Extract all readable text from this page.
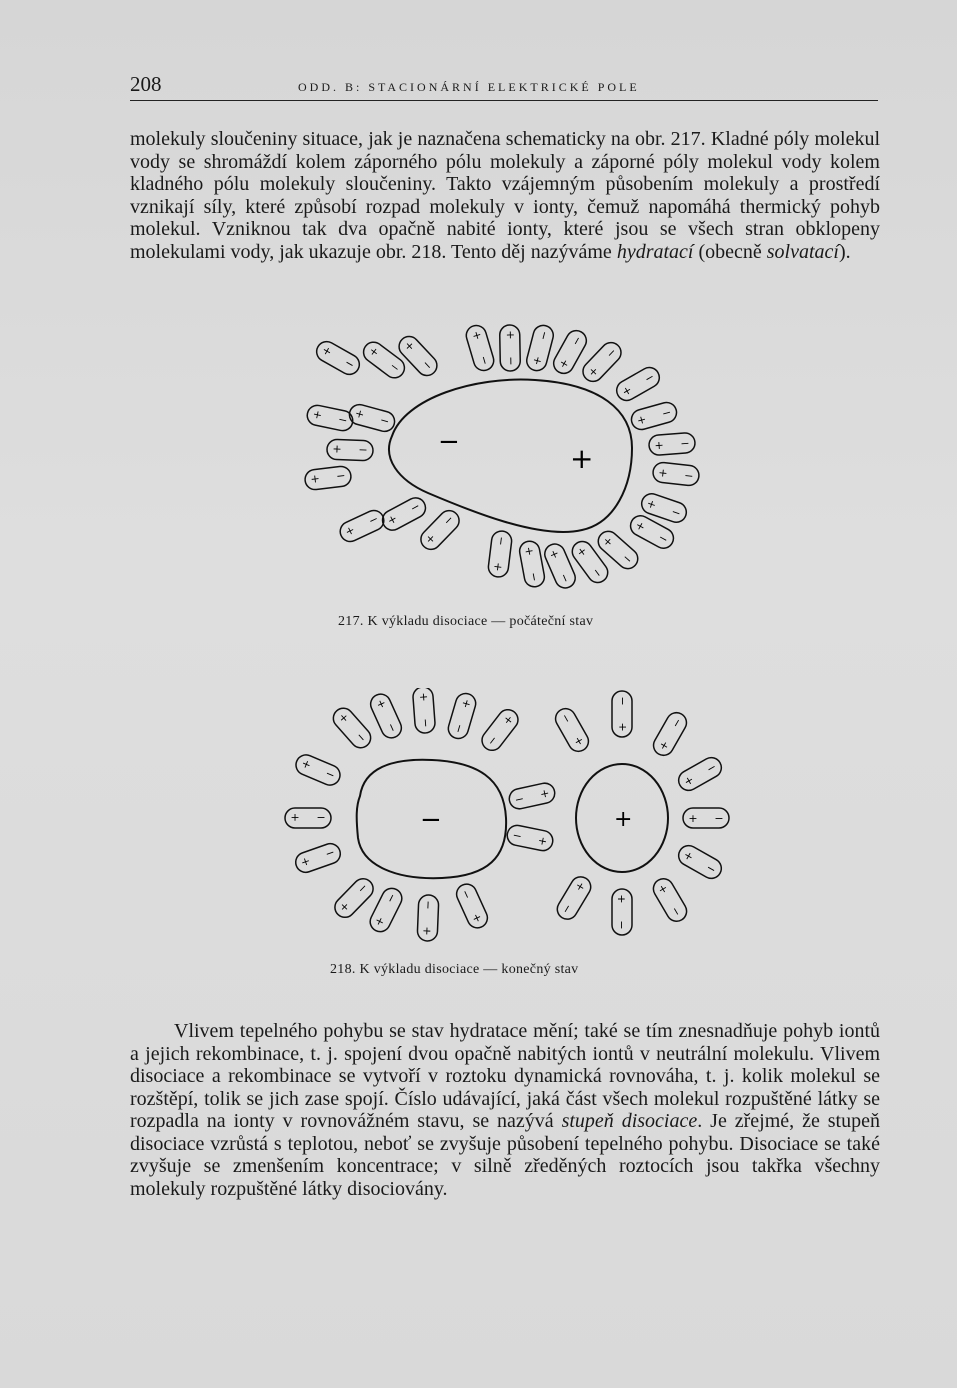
208	ODD. B: STACIONÁRNÍ ELEKTRICKÉ POLE

molekuly sloučeniny situace, jak je naznačena schematicky na obr. 217. Kladné póly molekul vody se shromáždí kolem záporného pólu molekuly a záporné póly molekul vody kolem kladného pólu molekuly sloučeniny. Takto vzájemným působením molekuly a prostředí vznikají síly, které způsobí rozpad molekuly v ionty, čemuž napomáhá thermický pohyb molekul. Vzniknou tak dva opačně nabité ionty, které jsou se všech stran obklopeny molekulami vody, jak ukazuje obr. 218. Tento děj nazýváme hydratací (obecně solvatací).

−	+
+
−
+
−
+
−
+
−
+
− +
−
+
−
+
−
+
−
+ −
+ −
+ −
+
−
+
−
+
−
+
−
+
−
+
−
+
−
+
−
+
−
+
−
+ −
+ −
+ −
+ −
217. K výkladu disociace — počáteční stav
−	+
+
−
+
−
+
−
+
−
+
−
+
−
+ −
+
−
+
−
+
−
+
−
+
−
+
−
+
−
+
−
+
−
+
−
+
−
+ −
+
−
+
−
+
−
+
−
218. K výkladu disociace — konečný stav

Vlivem tepelného pohybu se stav hydratace mění; také se tím znesnadňuje pohyb iontů a jejich rekombinace, t. j. spojení dvou opačně nabitých iontů v neutrální molekulu. Vlivem disociace a rekombinace se vytvoří v roztoku dynamická rovnováha, t. j. kolik molekul se rozštěpí, tolik se jich zase spojí. Číslo udávající, jaká část všech molekul rozpuštěné látky se rozpadla na ionty v rovnovážném stavu, se nazývá stupeň disociace. Je zřejmé, že stupeň disociace vzrůstá s teplotou, neboť se zvyšuje působení tepelného pohybu. Disociace se také zvyšuje se zmenšením koncentrace; v silně zředěných roztocích jsou takřka všechny molekuly rozpuštěné látky disociovány.
